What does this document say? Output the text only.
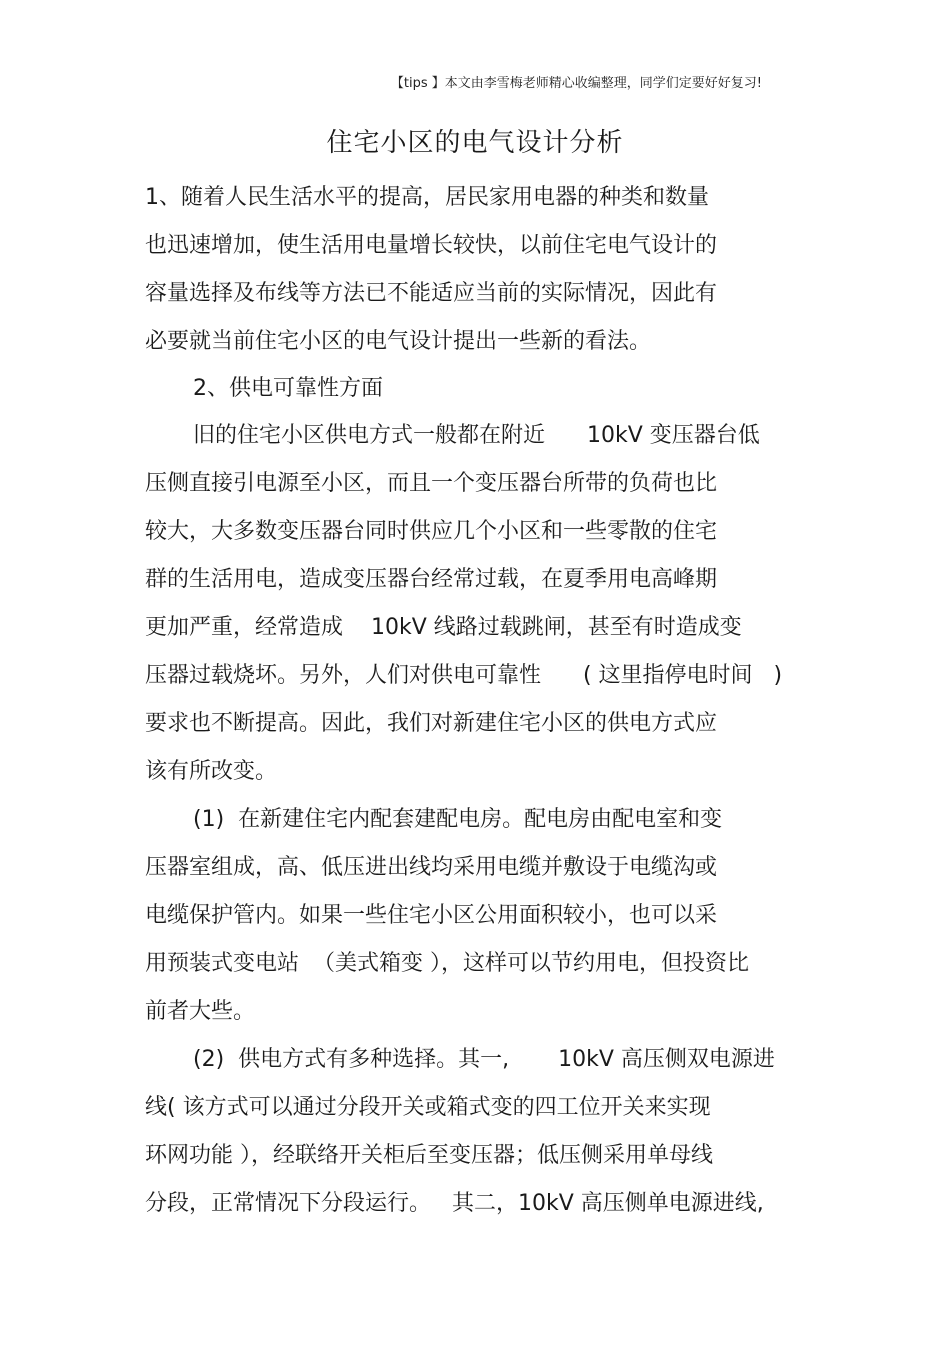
【tips 】本文由李雪梅老师精心收编整理，同学们定要好好复习!
住宅小区的电气设计分析

1、随着人民生活水平的提高，居民家用电器的种类和数量

也迅速增加，使生活用电量增长较快，以前住宅电气设计的

容量选择及布线等方法已不能适应当前的实际情况，因此有

必要就当前住宅小区的电气设计提出一些新的看法。

2、供电可靠性方面

旧的住宅小区供电方式一般都在附近      10kV 变压器台低

压侧直接引电源至小区，而且一个变压器台所带的负荷也比

较大，大多数变压器台同时供应几个小区和一些零散的住宅

群的生活用电，造成变压器台经常过载，在夏季用电高峰期

更加严重，经常造成    10kV 线路过载跳闸，甚至有时造成变

压器过载烧坏。另外，人们对供电可靠性      ( 这里指停电时间   )

要求也不断提高。因此，我们对新建住宅小区的供电方式应

该有所改变。

(1)  在新建住宅内配套建配电房。配电房由配电室和变

压器室组成，高、低压进出线均采用电缆并敷设于电缆沟或

电缆保护管内。如果一些住宅小区公用面积较小，也可以采

用预装式变电站  （美式箱变 ），这样可以节约用电，但投资比

前者大些。

(2)  供电方式有多种选择。其一,       10kV 高压侧双电源进

线( 该方式可以通过分段开关或箱式变的四工位开关来实现

环网功能 ），经联络开关柜后至变压器；低压侧采用单母线

分段，正常情况下分段运行。   其二，10kV 高压侧单电源进线,
